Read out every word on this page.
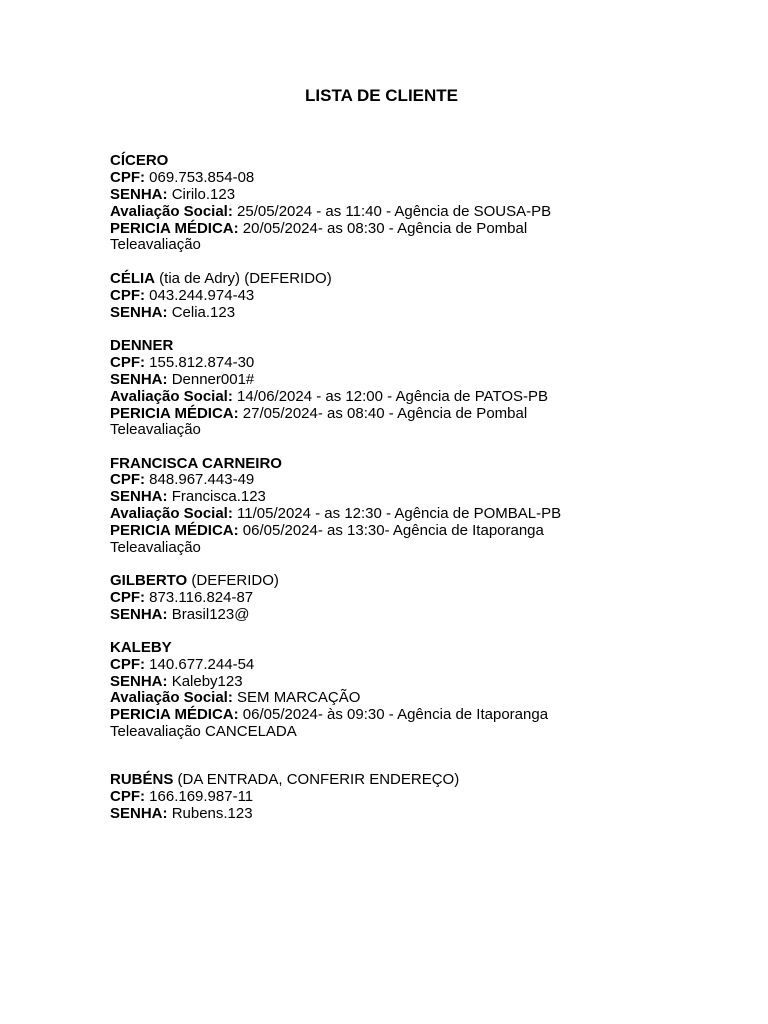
LISTA DE CLIENTE
CÍCERO
CPF: 069.753.854-08
SENHA: Cirilo.123
Avaliação Social: 25/05/2024 - as 11:40 - Agência de SOUSA-PB
PERICIA MÉDICA: 20/05/2024- as 08:30 - Agência de Pombal
Teleavaliação
CÉLIA (tia de Adry) (DEFERIDO)
CPF: 043.244.974-43
SENHA: Celia.123
DENNER
CPF: 155.812.874-30
SENHA: Denner001#
Avaliação Social: 14/06/2024 - as 12:00 - Agência de PATOS-PB
PERICIA MÉDICA: 27/05/2024- as 08:40 - Agência de Pombal
Teleavaliação
FRANCISCA CARNEIRO
CPF: 848.967.443-49
SENHA: Francisca.123
Avaliação Social: 11/05/2024 - as 12:30 - Agência de POMBAL-PB
PERICIA MÉDICA: 06/05/2024- as 13:30- Agência de Itaporanga
Teleavaliação
GILBERTO (DEFERIDO)
CPF: 873.116.824-87
SENHA: Brasil123@
KALEBY
CPF: 140.677.244-54
SENHA: Kaleby123
Avaliação Social: SEM MARCAÇÃO
PERICIA MÉDICA: 06/05/2024- às 09:30 - Agência de Itaporanga
Teleavaliação CANCELADA
RUBÉNS (DA ENTRADA, CONFERIR ENDEREÇO)
CPF: 166.169.987-11
SENHA: Rubens.123
